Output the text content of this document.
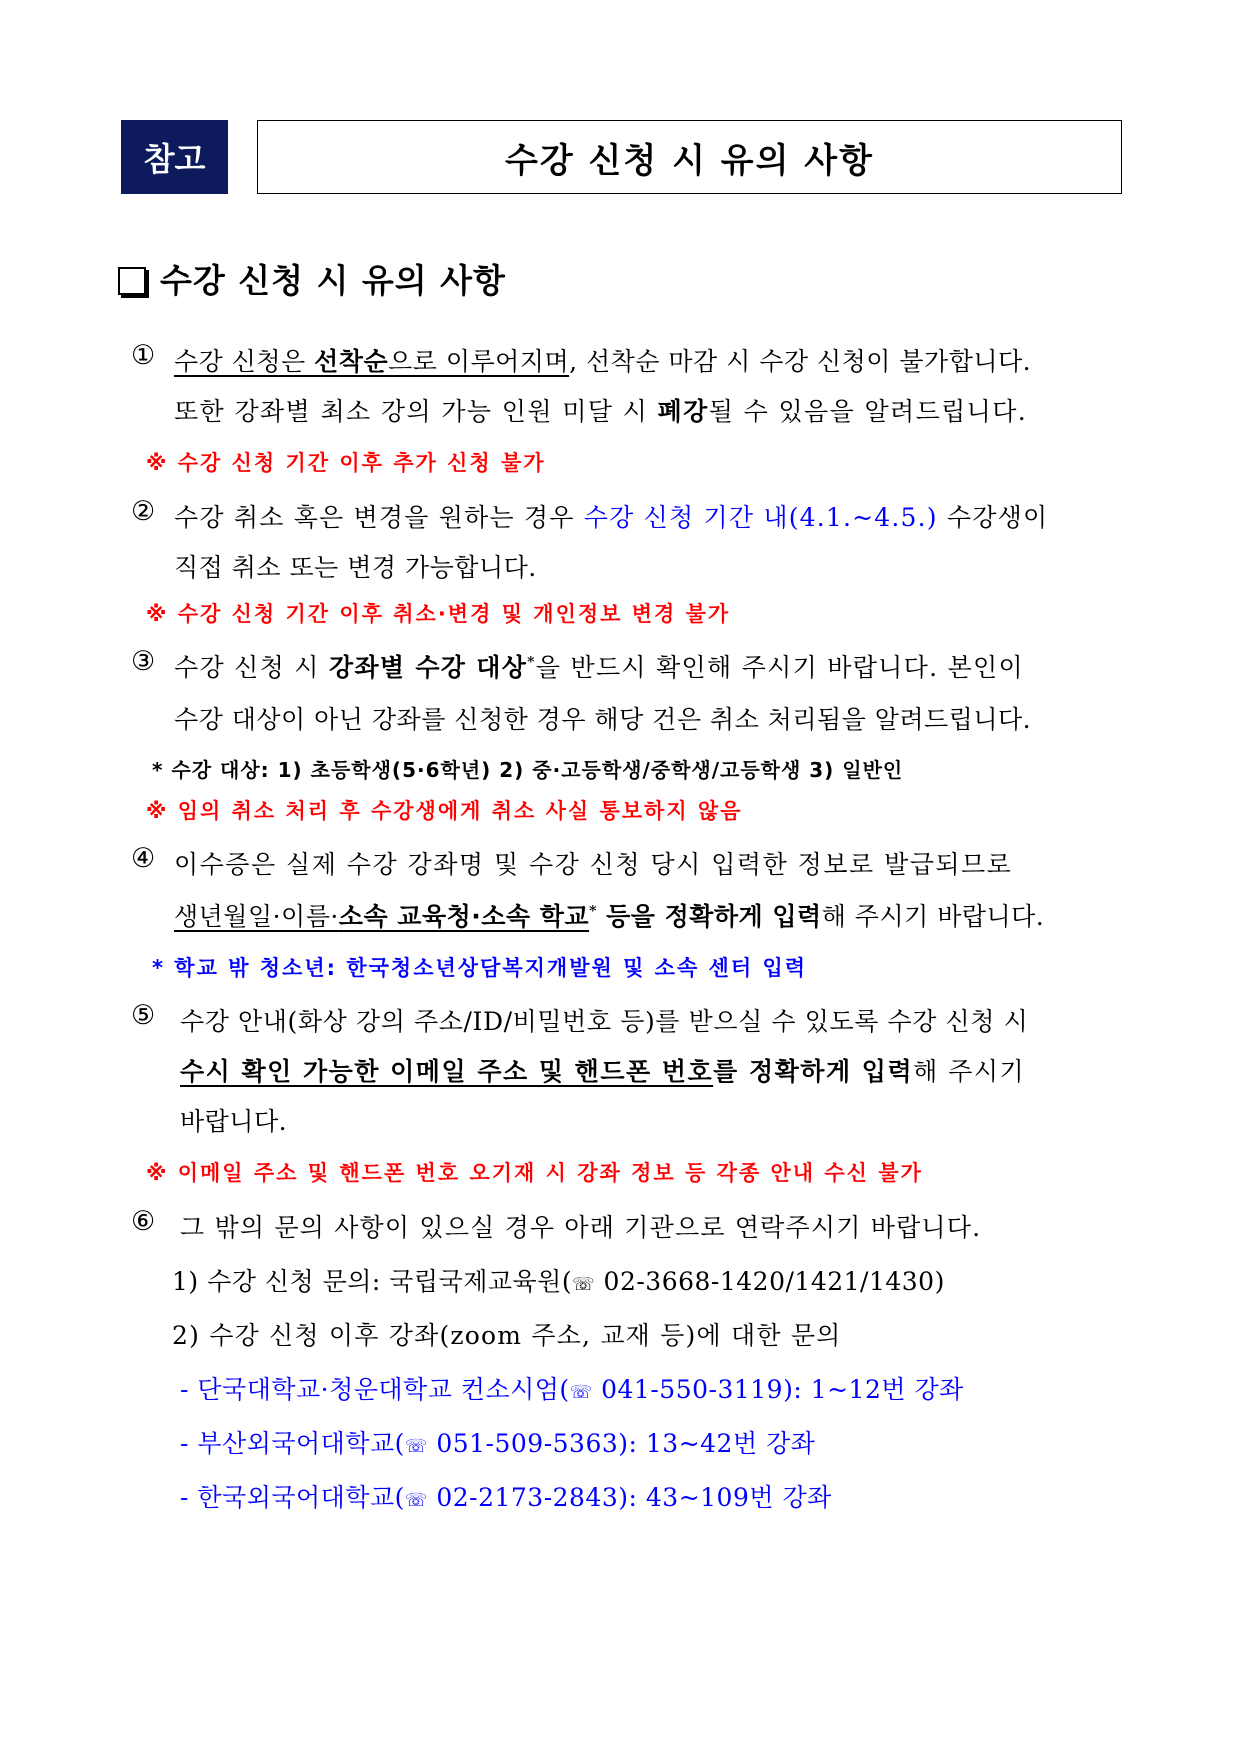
참고	수강 신청 시 유의 사항
수강 신청 시 유의 사항
① 수강 신청은 선착순으로 이루어지며, 선착순 마감 시 수강 신청이 불가합니다.
또한 강좌별 최소 강의 가능 인원 미달 시 폐강될 수 있음을 알려드립니다.
※ 수강 신청 기간 이후 추가 신청 불가
② 수강 취소 혹은 변경을 원하는 경우 수강 신청 기간 내(4.1.~4.5.) 수강생이
직접 취소 또는 변경 가능합니다.
※ 수강 신청 기간 이후 취소·변경 및 개인정보 변경 불가
③ 수강 신청 시 강좌별 수강 대상*을 반드시 확인해 주시기 바랍니다. 본인이
수강 대상이 아닌 강좌를 신청한 경우 해당 건은 취소 처리됨을 알려드립니다.
* 수강 대상: 1) 초등학생(5·6학년) 2) 중·고등학생/중학생/고등학생 3) 일반인
※ 임의 취소 처리 후 수강생에게 취소 사실 통보하지 않음
④ 이수증은 실제 수강 강좌명 및 수강 신청 당시 입력한 정보로 발급되므로
생년월일·이름·소속 교육청·소속 학교* 등을 정확하게 입력해 주시기 바랍니다.
* 학교 밖 청소년: 한국청소년상담복지개발원 및 소속 센터 입력
⑤ 수강 안내(화상 강의 주소/ID/비밀번호 등)를 받으실 수 있도록 수강 신청 시
수시 확인 가능한 이메일 주소 및 핸드폰 번호를 정확하게 입력해 주시기
바랍니다.
※ 이메일 주소 및 핸드폰 번호 오기재 시 강좌 정보 등 각종 안내 수신 불가
⑥ 그 밖의 문의 사항이 있으실 경우 아래 기관으로 연락주시기 바랍니다.
1) 수강 신청 문의: 국립국제교육원(☏ 02-3668-1420/1421/1430)
2) 수강 신청 이후 강좌(zoom 주소, 교재 등)에 대한 문의
- 단국대학교·청운대학교 컨소시엄(☏ 041-550-3119): 1~12번 강좌
- 부산외국어대학교(☏ 051-509-5363): 13~42번 강좌
- 한국외국어대학교(☏ 02-2173-2843): 43~109번 강좌
